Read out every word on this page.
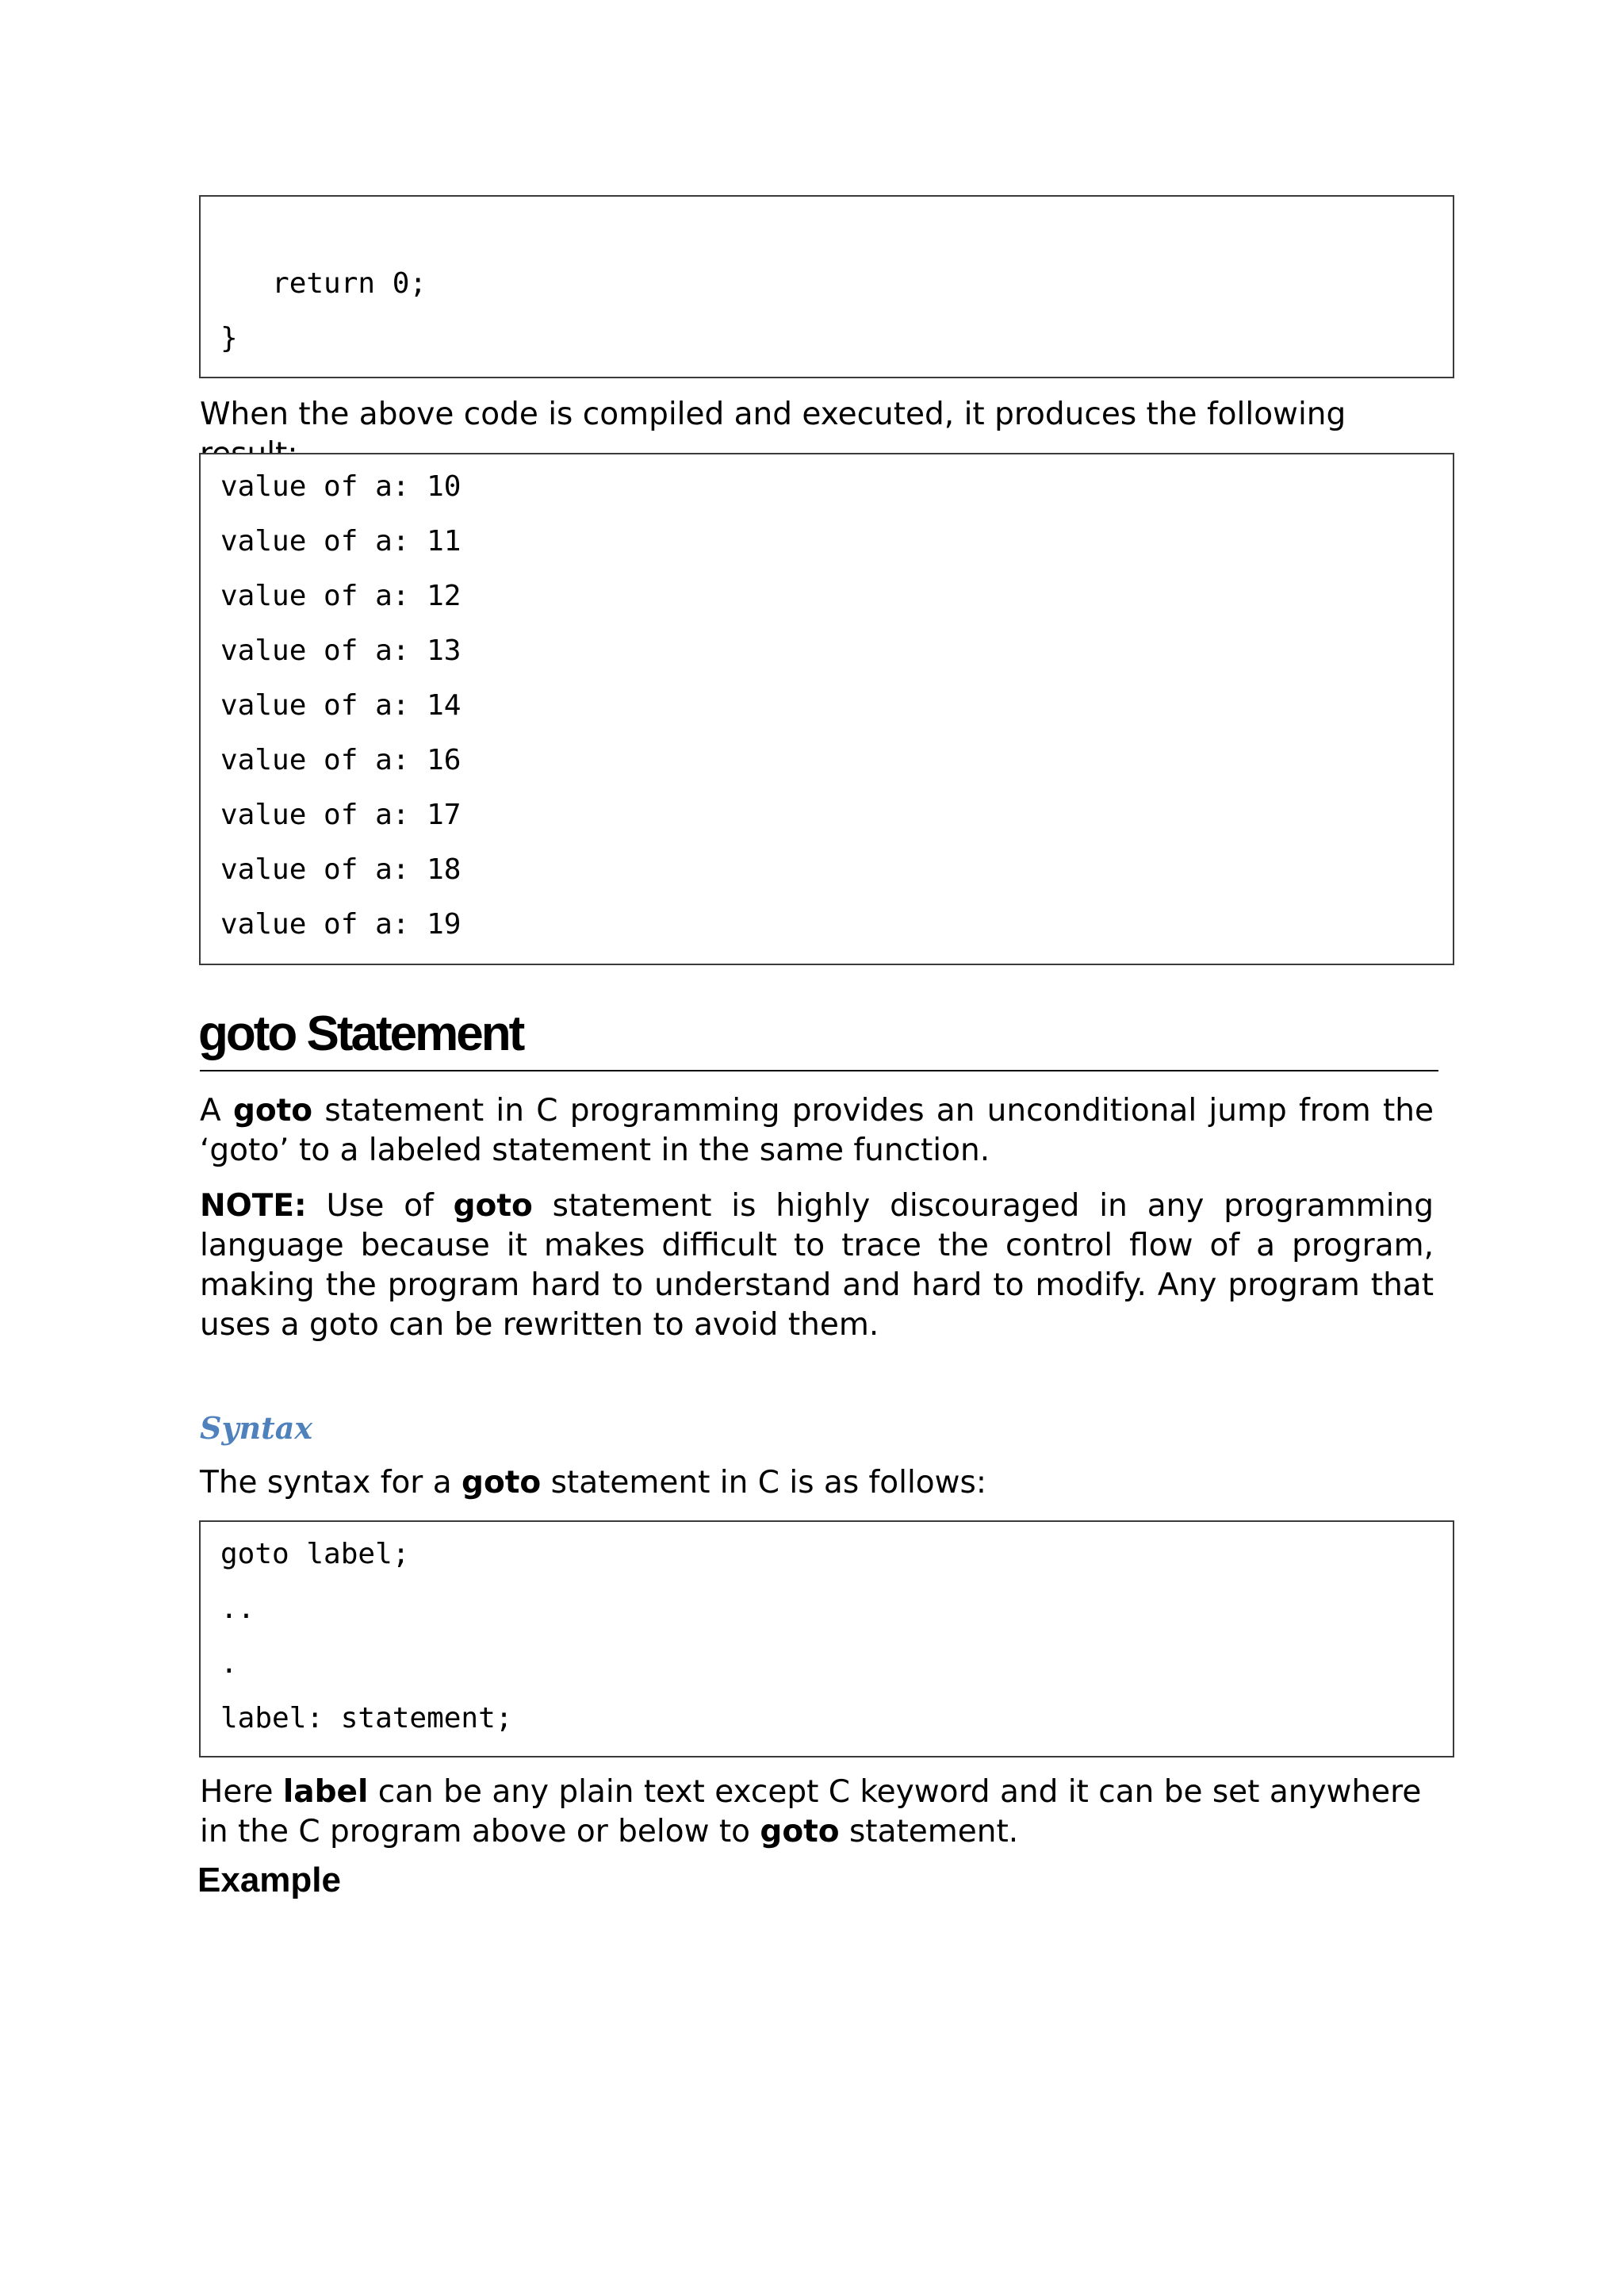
return 0;
}

When the above code is compiled and executed, it produces the following

value of a: 10
value of a: 11
value of a: 12
value of a: 13
value of a: 14
value of a: 16
value of a: 17
value of a: 18
value of a: 19
goto Statement

A goto statement in C programming provides an unconditional jump from the ‘goto’ to a labeled statement in the same function.

NOTE: Use of goto statement is highly discouraged in any programming language because it makes difficult to trace the control flow of a program, making the program hard to understand and hard to modify. Any program that uses a goto can be rewritten to avoid them.

Syntax

The syntax for a goto statement in C is as follows:

goto label;
..
.
label: statement;

Here label can be any plain text except C keyword and it can be set anywhere in the C program above or below to goto statement.

Example
